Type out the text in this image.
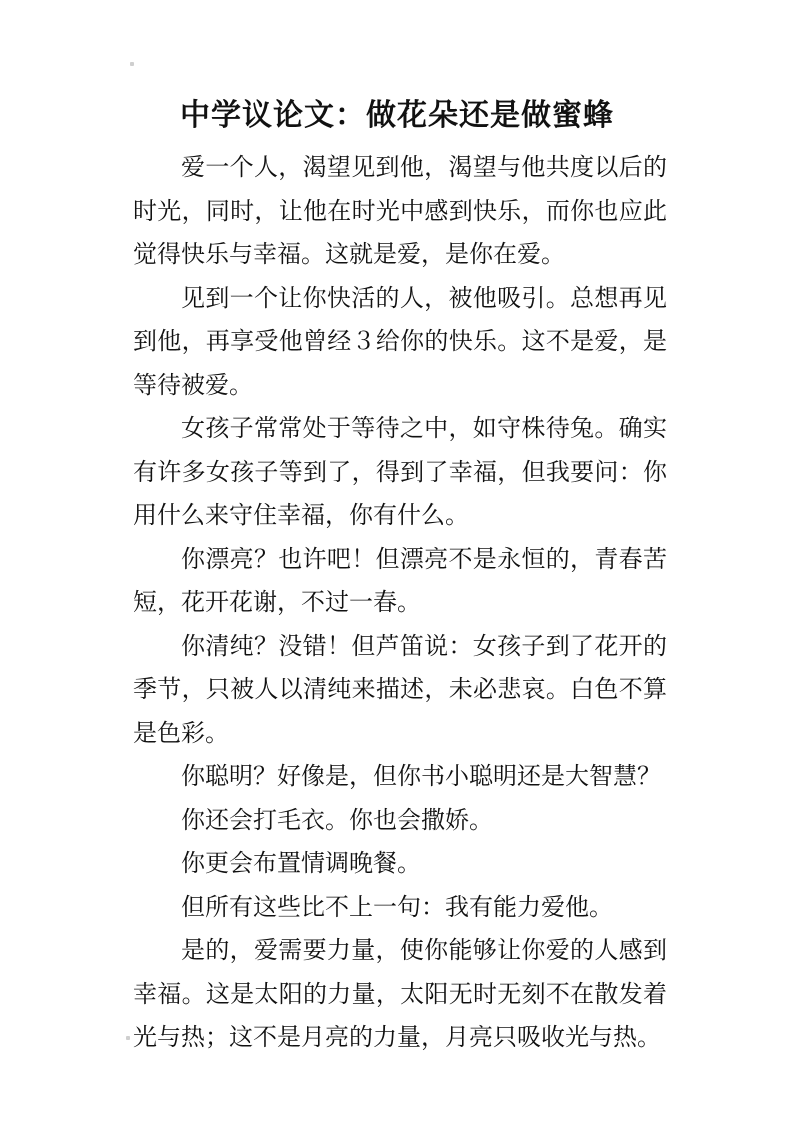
中学议论文：做花朵还是做蜜蜂

爱一个人，渴望见到他，渴望与他共度以后的时光，同时，让他在时光中感到快乐，而你也应此觉得快乐与幸福。这就是爱，是你在爱。

见到一个让你快活的人，被他吸引。总想再见到他，再享受他曾经３给你的快乐。这不是爱，是等待被爱。

女孩子常常处于等待之中，如守株待兔。确实有许多女孩子等到了，得到了幸福，但我要问：你用什么来守住幸福，你有什么。

你漂亮？也许吧！但漂亮不是永恒的，青春苦短，花开花谢，不过一春。

你清纯？没错！但芦笛说：女孩子到了花开的季节，只被人以清纯来描述，未必悲哀。白色不算是色彩。

你聪明？好像是，但你书小聪明还是大智慧？

你还会打毛衣。你也会撒娇。

你更会布置情调晚餐。

但所有这些比不上一句：我有能力爱他。

是的，爱需要力量，使你能够让你爱的人感到幸福。这是太阳的力量，太阳无时无刻不在散发着光与热；这不是月亮的力量，月亮只吸收光与热。
